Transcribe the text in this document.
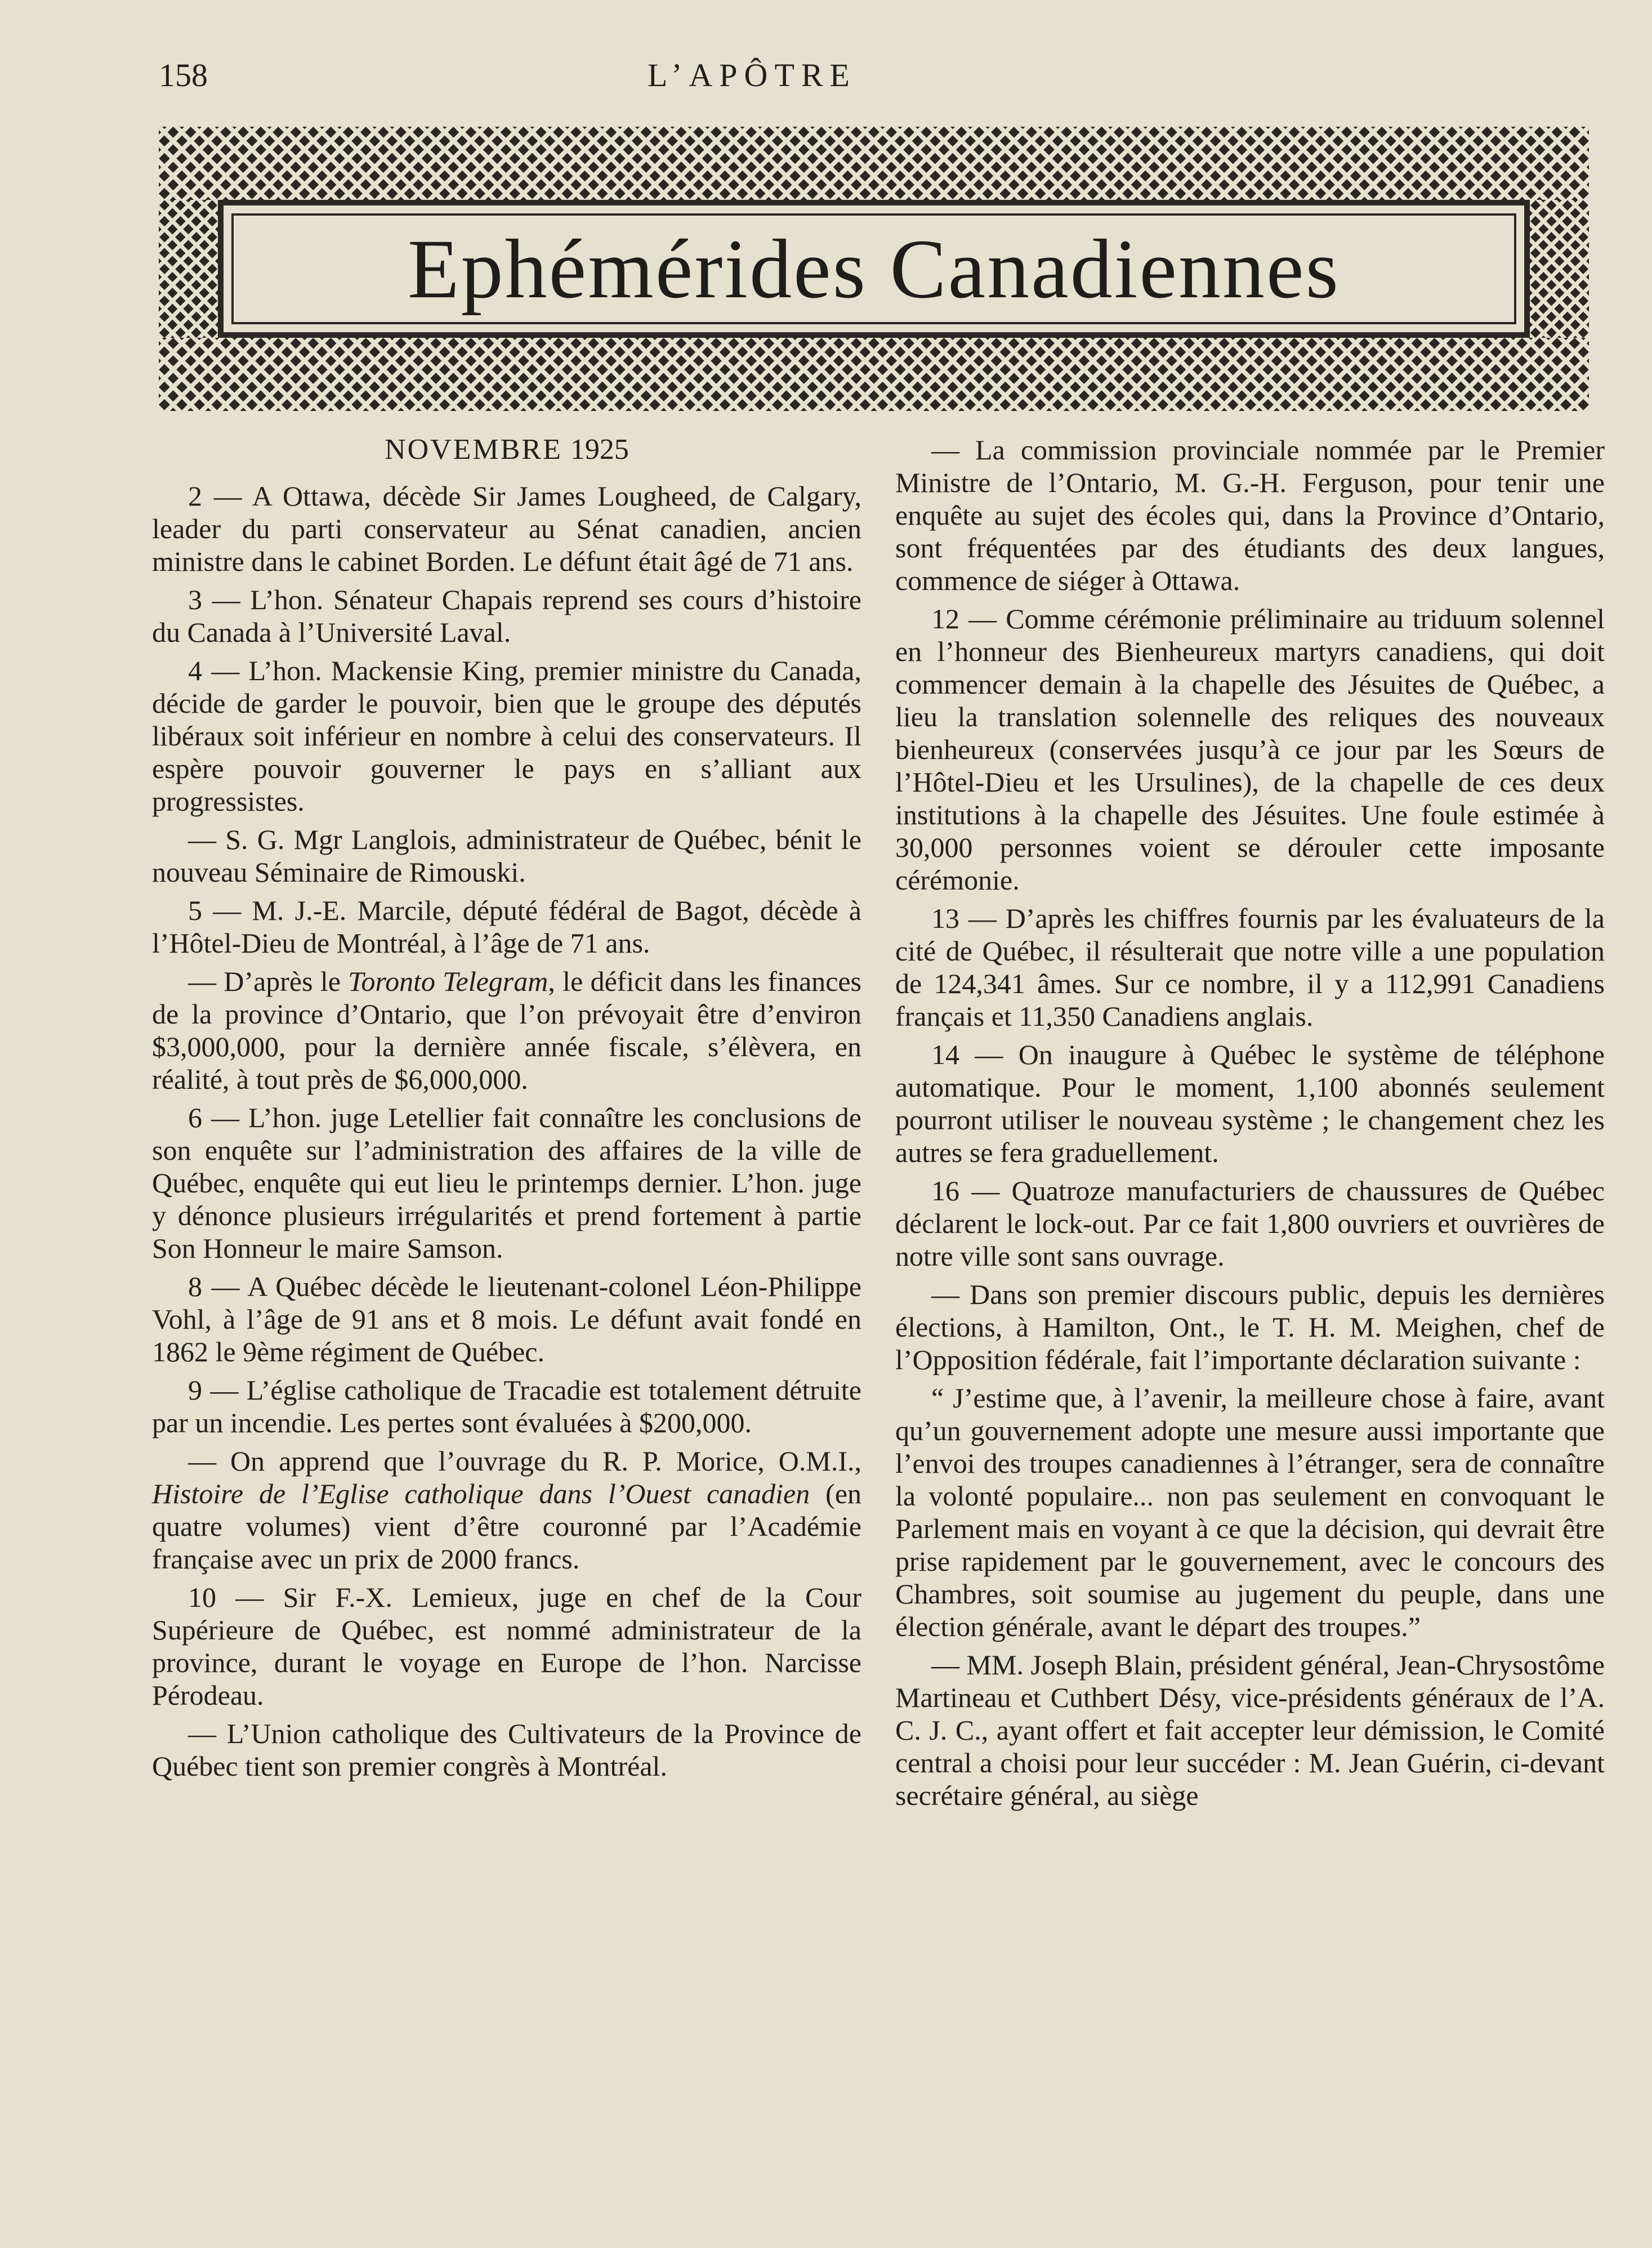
158	L’APÔTRE
Ephémérides Canadiennes
NOVEMBRE 1925

2 — A Ottawa, décède Sir James Lougheed, de Calgary, leader du parti conservateur au Sénat canadien, ancien ministre dans le cabinet Borden. Le défunt était âgé de 71 ans.

3 — L’hon. Sénateur Chapais reprend ses cours d’histoire du Canada à l’Université Laval.

4 — L’hon. Mackensie King, premier ministre du Canada, décide de garder le pouvoir, bien que le groupe des députés libéraux soit inférieur en nombre à celui des conservateurs. Il espère pouvoir gouverner le pays en s’alliant aux progressistes.

— S. G. Mgr Langlois, administrateur de Québec, bénit le nouveau Séminaire de Rimouski.

5 — M. J.-E. Marcile, député fédéral de Bagot, décède à l’Hôtel-Dieu de Montréal, à l’âge de 71 ans.

— D’après le Toronto Telegram, le déficit dans les finances de la province d’Ontario, que l’on prévoyait être d’environ $3,000,000, pour la dernière année fiscale, s’élèvera, en réalité, à tout près de $6,000,000.

6 — L’hon. juge Letellier fait connaître les conclusions de son enquête sur l’administration des affaires de la ville de Québec, enquête qui eut lieu le printemps dernier. L’hon. juge y dénonce plusieurs irrégularités et prend fortement à partie Son Honneur le maire Samson.

8 — A Québec décède le lieutenant-colonel Léon-Philippe Vohl, à l’âge de 91 ans et 8 mois. Le défunt avait fondé en 1862 le 9ème régiment de Québec.

9 — L’église catholique de Tracadie est totalement détruite par un incendie. Les pertes sont évaluées à $200,000.

— On apprend que l’ouvrage du R. P. Morice, O.M.I., Histoire de l’Eglise catholique dans l’Ouest canadien (en quatre volumes) vient d’être couronné par l’Académie française avec un prix de 2000 francs.

10 — Sir F.-X. Lemieux, juge en chef de la Cour Supérieure de Québec, est nommé administrateur de la province, durant le voyage en Europe de l’hon. Narcisse Pérodeau.

— L’Union catholique des Cultivateurs de la Province de Québec tient son premier congrès à Montréal.

— La commission provinciale nommée par le Premier Ministre de l’Ontario, M. G.-H. Ferguson, pour tenir une enquête au sujet des écoles qui, dans la Province d’Ontario, sont fréquentées par des étudiants des deux langues, commence de siéger à Ottawa.

12 — Comme cérémonie préliminaire au triduum solennel en l’honneur des Bienheureux martyrs canadiens, qui doit commencer demain à la chapelle des Jésuites de Québec, a lieu la translation solennelle des reliques des nouveaux bienheureux (conservées jusqu’à ce jour par les Sœurs de l’Hôtel-Dieu et les Ursulines), de la chapelle de ces deux institutions à la chapelle des Jésuites. Une foule estimée à 30,000 personnes voient se dérouler cette imposante cérémonie.

13 — D’après les chiffres fournis par les évaluateurs de la cité de Québec, il résulterait que notre ville a une population de 124,341 âmes. Sur ce nombre, il y a 112,991 Canadiens français et 11,350 Canadiens anglais.

14 — On inaugure à Québec le système de téléphone automatique. Pour le moment, 1,100 abonnés seulement pourront utiliser le nouveau système ; le changement chez les autres se fera graduellement.

16 — Quatroze manufacturiers de chaussures de Québec déclarent le lock-out. Par ce fait 1,800 ouvriers et ouvrières de notre ville sont sans ouvrage.

— Dans son premier discours public, depuis les dernières élections, à Hamilton, Ont., le T. H. M. Meighen, chef de l’Opposition fédérale, fait l’importante déclaration suivante :

“ J’estime que, à l’avenir, la meilleure chose à faire, avant qu’un gouvernement adopte une mesure aussi importante que l’envoi des troupes canadiennes à l’étranger, sera de connaître la volonté populaire... non pas seulement en convoquant le Parlement mais en voyant à ce que la décision, qui devrait être prise rapidement par le gouvernement, avec le concours des Chambres, soit soumise au jugement du peuple, dans une élection générale, avant le départ des troupes.”

— MM. Joseph Blain, président général, Jean-Chrysostôme Martineau et Cuthbert Désy, vice-présidents généraux de l’A. C. J. C., ayant offert et fait accepter leur démission, le Comité central a choisi pour leur succéder : M. Jean Guérin, ci-devant secrétaire général, au siège
